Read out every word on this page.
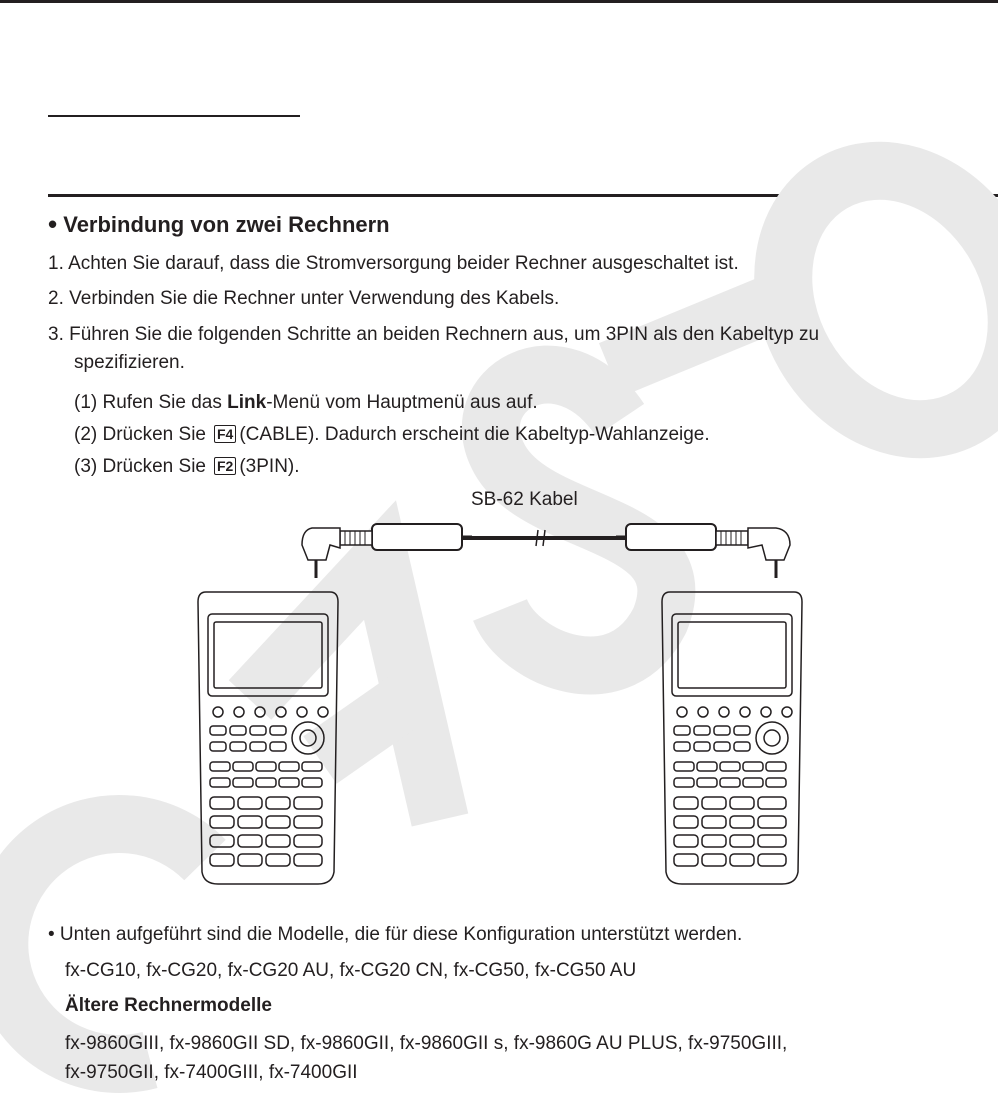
• Verbindung von zwei Rechnern
1. Achten Sie darauf, dass die Stromversorgung beider Rechner ausgeschaltet ist.
2. Verbinden Sie die Rechner unter Verwendung des Kabels.
3. Führen Sie die folgenden Schritte an beiden Rechnern aus, um 3PIN als den Kabeltyp zu
spezifizieren.
(1) Rufen Sie das Link-Menü vom Hauptmenü aus auf.
(2) Drücken Sie F4 (CABLE). Dadurch erscheint die Kabeltyp-Wahlanzeige.
(3) Drücken Sie F2 (3PIN).
SB-62 Kabel
• Unten aufgeführt sind die Modelle, die für diese Konfiguration unterstützt werden.
fx-CG10, fx-CG20, fx-CG20 AU, fx-CG20 CN, fx-CG50, fx-CG50 AU
Ältere Rechnermodelle
fx-9860GIII, fx-9860GII SD, fx-9860GII, fx-9860GII s, fx-9860G AU PLUS, fx-9750GIII,
fx-9750GII, fx-7400GIII, fx-7400GII
